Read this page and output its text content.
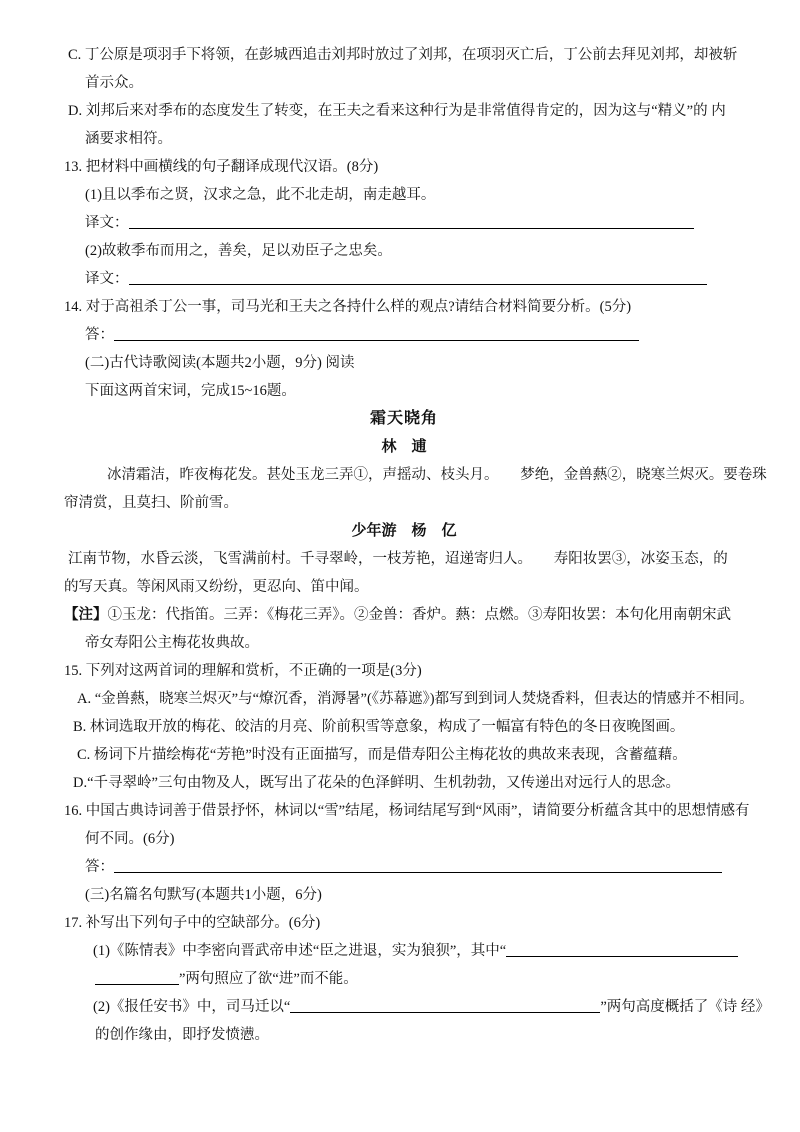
C. 丁公原是项羽手下将领，在彭城西追击刘邦时放过了刘邦，在项羽灭亡后，丁公前去拜见刘邦，却被斩
首示众。
D. 刘邦后来对季布的态度发生了转变，在王夫之看来这种行为是非常值得肯定的，因为这与“精义”的 内
涵要求相符。
13. 把材料中画横线的句子翻译成现代汉语。(8分)
(1)且以季布之贤，汉求之急，此不北走胡，南走越耳。
译文：
(2)故敕季布而用之，善矣，足以劝臣子之忠矣。
译文：
14. 对于高祖杀丁公一事，司马光和王夫之各持什么样的观点?请结合材料简要分析。(5分)
答：
(二)古代诗歌阅读(本题共2小题，9分) 阅读
下面这两首宋词，完成15~16题。
霜天晓角
林　逋
冰清霜洁，昨夜梅花发。甚处玉龙三弄①，声摇动、枝头月。　　梦绝，金兽爇②，晓寒兰烬灭。要卷珠
帘清赏，且莫扫、阶前雪。
少年游　杨　亿
江南节物，水昏云淡，飞雪满前村。千寻翠岭，一枝芳艳，迢递寄归人。　　寿阳妆罢③，冰姿玉态，的
的写天真。等闲风雨又纷纷，更忍向、笛中闻。
【注】①玉龙：代指笛。三弄：《梅花三弄》。②金兽：香炉。爇：点燃。③寿阳妆罢：本句化用南朝宋武
帝女寿阳公主梅花妆典故。
15. 下列对这两首词的理解和赏析，不正确的一项是(3分)
A. “金兽爇，晓寒兰烬灭”与“燎沉香，消溽暑”(《苏幕遮》)都写到到词人焚烧香料，但表达的情感并不相同。
B. 林词选取开放的梅花、皎洁的月亮、阶前积雪等意象，构成了一幅富有特色的冬日夜晚图画。
C. 杨词下片描绘梅花“芳艳”时没有正面描写，而是借寿阳公主梅花妆的典故来表现，含蓄蕴藉。
D.“千寻翠岭”三句由物及人，既写出了花朵的色泽鲜明、生机勃勃，又传递出对远行人的思念。
16. 中国古典诗词善于借景抒怀，林词以“雪”结尾，杨词结尾写到“风雨”，请简要分析蕴含其中的思想情感有
何不同。(6分)
答：
(三)名篇名句默写(本题共1小题，6分)
17. 补写出下列句子中的空缺部分。(6分)
(1)《陈情表》中李密向晋武帝申述“臣之进退，实为狼狈”，其中“
”两句照应了欲“进”而不能。
(2)《报任安书》中，司马迁以“	”两句高度概括了《诗 经》
的创作缘由，即抒发愤懑。
